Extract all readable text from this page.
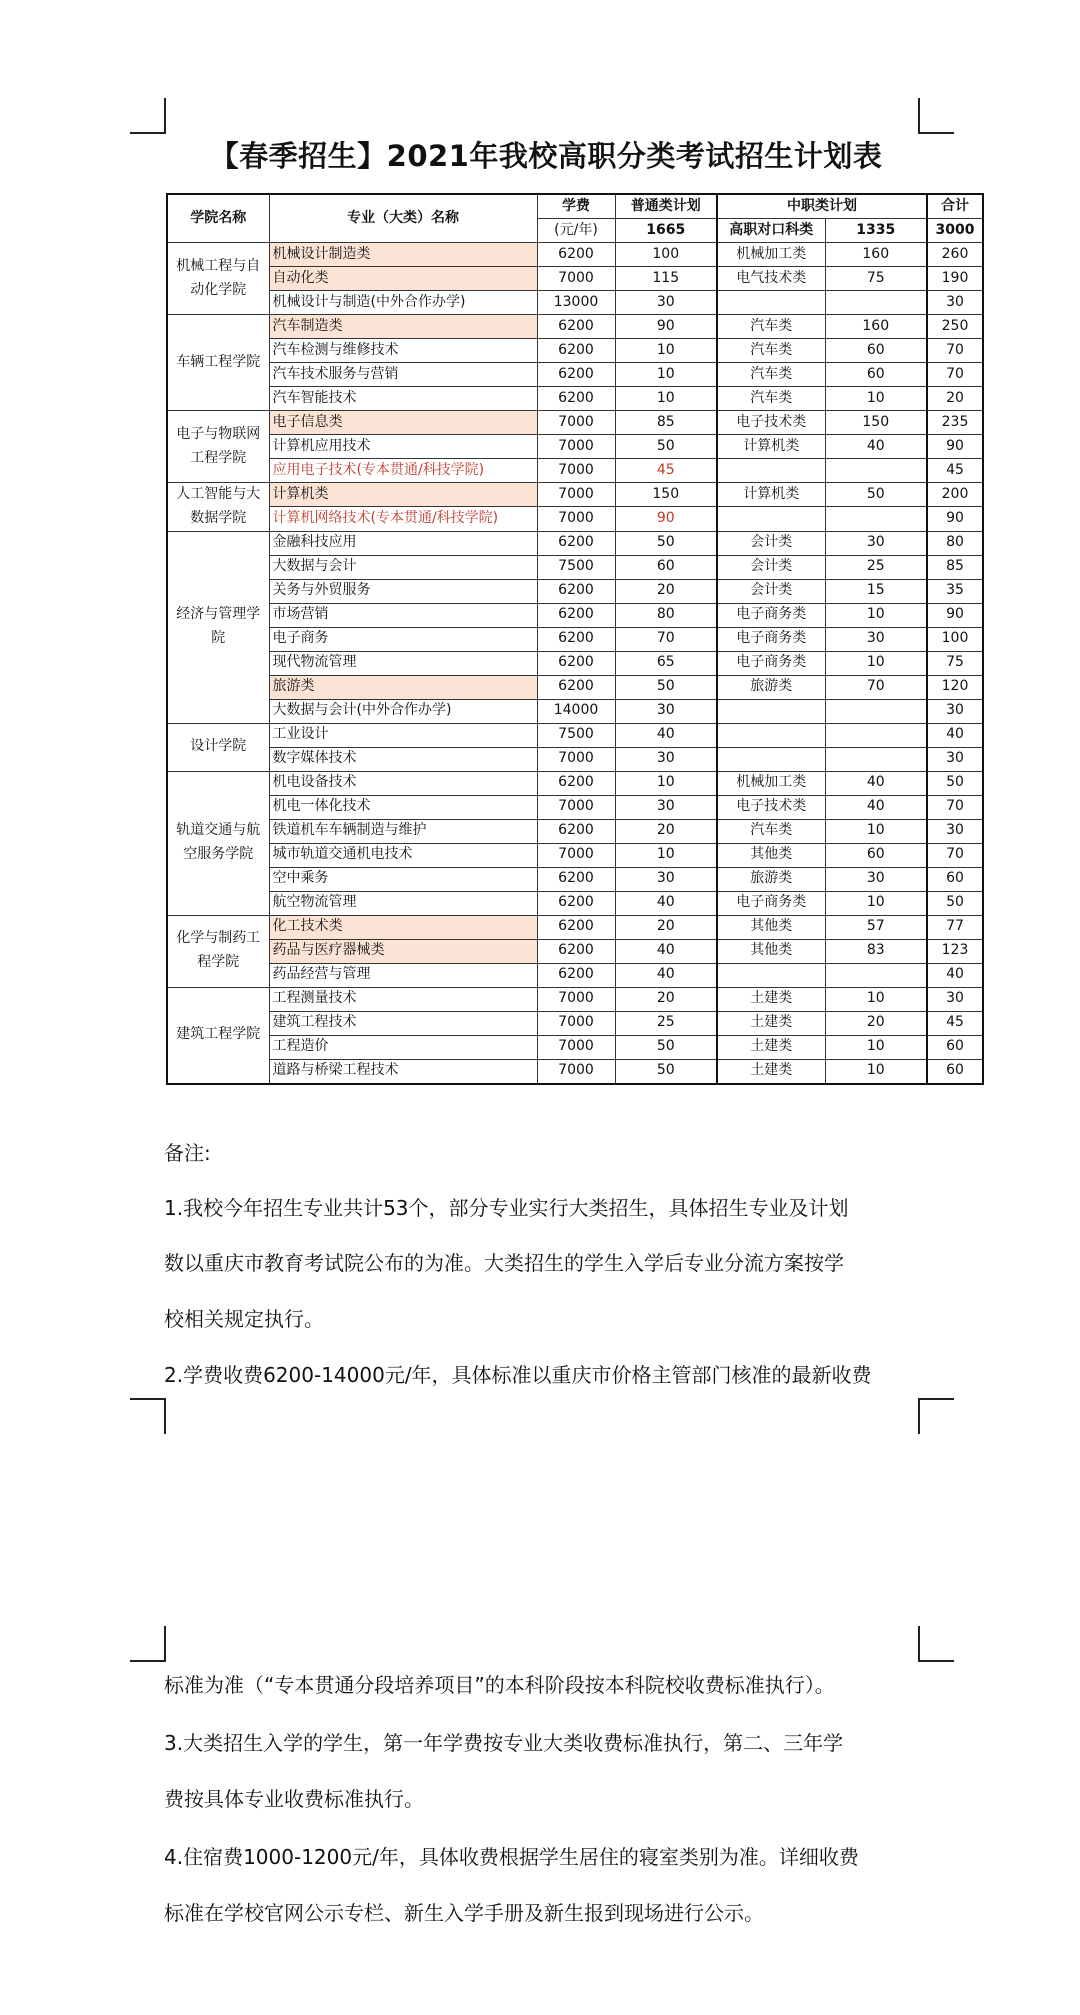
【春季招生】2021年我校高职分类考试招生计划表
学院名称	专业（大类）名称	学费	普通类计划	中职类计划		合计
		(元/年)	1665	高职对口科类	1335	3000
机械工程与自动化学院	机械设计制造类	6200	100	机械加工类	160	260
	自动化类	7000	115	电气技术类	75	190
	机械设计与制造(中外合作办学)	13000	30			30
车辆工程学院	汽车制造类	6200	90	汽车类	160	250
	汽车检测与维修技术	6200	10	汽车类	60	70
	汽车技术服务与营销	6200	10	汽车类	60	70
	汽车智能技术	6200	10	汽车类	10	20
电子与物联网工程学院	电子信息类	7000	85	电子技术类	150	235
	计算机应用技术	7000	50	计算机类	40	90
	应用电子技术(专本贯通/科技学院)	7000	45			45
人工智能与大数据学院	计算机类	7000	150	计算机类	50	200
	计算机网络技术(专本贯通/科技学院)	7000	90			90
经济与管理学院	金融科技应用	6200	50	会计类	30	80
	大数据与会计	7500	60	会计类	25	85
	关务与外贸服务	6200	20	会计类	15	35
	市场营销	6200	80	电子商务类	10	90
	电子商务	6200	70	电子商务类	30	100
	现代物流管理	6200	65	电子商务类	10	75
	旅游类	6200	50	旅游类	70	120
	大数据与会计(中外合作办学)	14000	30			30
设计学院	工业设计	7500	40			40
	数字媒体技术	7000	30			30
轨道交通与航空服务学院	机电设备技术	6200	10	机械加工类	40	50
	机电一体化技术	7000	30	电子技术类	40	70
	铁道机车车辆制造与维护	6200	20	汽车类	10	30
	城市轨道交通机电技术	7000	10	其他类	60	70
	空中乘务	6200	30	旅游类	30	60
	航空物流管理	6200	40	电子商务类	10	50
化学与制药工程学院	化工技术类	6200	20	其他类	57	77
	药品与医疗器械类	6200	40	其他类	83	123
	药品经营与管理	6200	40			40
建筑工程学院	工程测量技术	7000	20	土建类	10	30
	建筑工程技术	7000	25	土建类	20	45
	工程造价	7000	50	土建类	10	60
	道路与桥梁工程技术	7000	50	土建类	10	60
备注:
1.我校今年招生专业共计53个，部分专业实行大类招生，具体招生专业及计划
数以重庆市教育考试院公布的为准。大类招生的学生入学后专业分流方案按学
校相关规定执行。
2.学费收费6200-14000元/年，具体标准以重庆市价格主管部门核准的最新收费
标准为准（“专本贯通分段培养项目”的本科阶段按本科院校收费标准执行）。
3.大类招生入学的学生，第一年学费按专业大类收费标准执行，第二、三年学
费按具体专业收费标准执行。
4.住宿费1000-1200元/年，具体收费根据学生居住的寝室类别为准。详细收费
标准在学校官网公示专栏、新生入学手册及新生报到现场进行公示。
